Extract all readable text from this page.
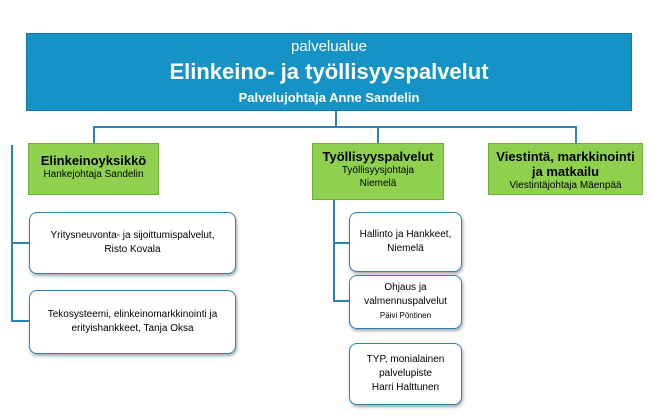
palvelualue
Elinkeino- ja työllisyyspalvelut
Palvelujohtaja Anne Sandelin
Elinkeinoyksikkö
Hankejohtaja Sandelin
Työllisyyspalvelut
Työllisyysjohtaja
Niemelä
Viestintä, markkinointi
ja matkailu
Viestintäjohtaja Mäenpää
Yritysneuvonta- ja sijoittumispalvelut,
Risto Kovala
Tekosysteemi, elinkeinomarkkinointi ja
erityishankkeet, Tanja Oksa
Hallinto ja Hankkeet,
Niemelä
Ohjaus ja
valmennuspalvelut
Päivi Pöntinen
TYP, monialainen
palvelupiste
Harri Halttunen
